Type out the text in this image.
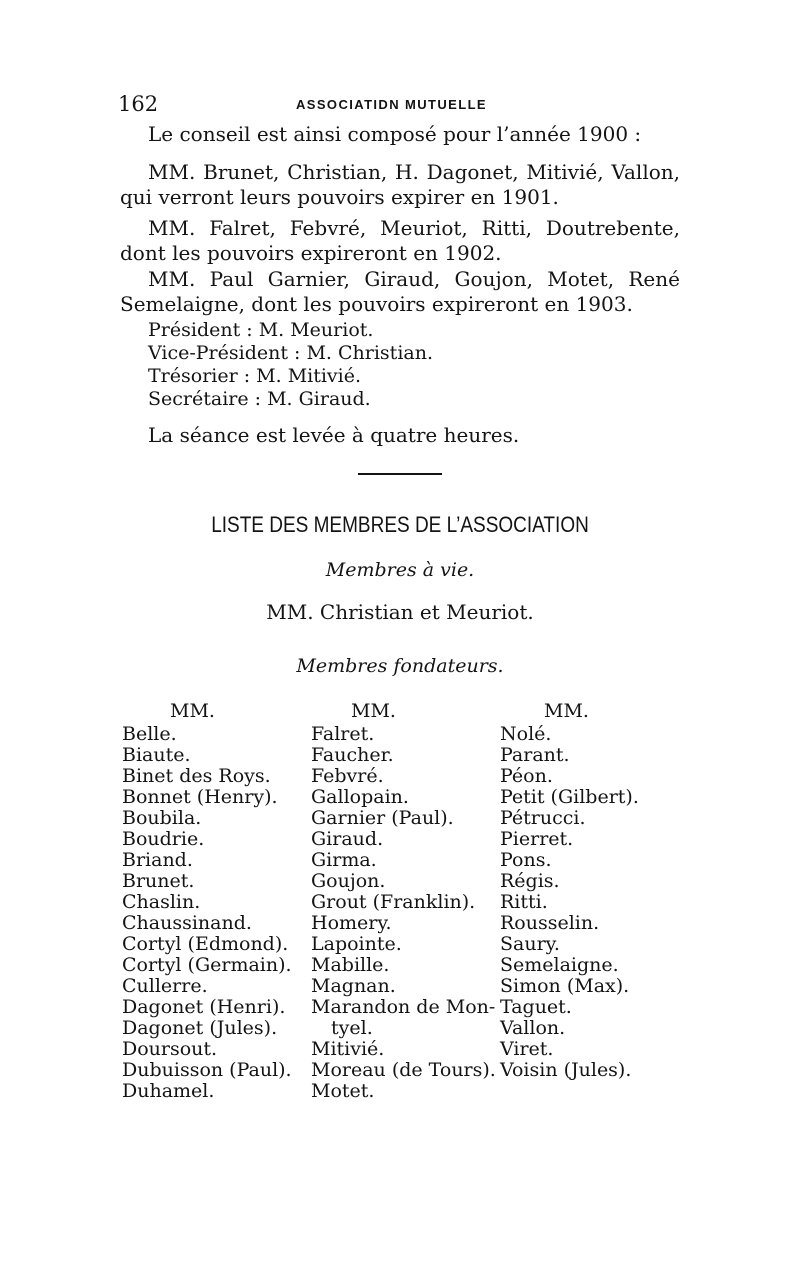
162	ASSOCIATIDN MUTUELLE

Le conseil est ainsi composé pour l’année 1900 :

MM. Brunet, Christian, H. Dagonet, Mitivié, Vallon, qui verront leurs pouvoirs expirer en 1901.

MM. Falret, Febvré, Meuriot, Ritti, Doutrebente, dont les pouvoirs expireront en 1902.

MM. Paul Garnier, Giraud, Goujon, Motet, René Semelaigne, dont les pouvoirs expireront en 1903.

Président : M. Meuriot.

Vice-Président : M. Christian.

Trésorier : M. Mitivié.

Secrétaire : M. Giraud.

La séance est levée à quatre heures.

LISTE DES MEMBRES DE L’ASSOCIATION
Membres à vie.
MM. Christian et Meuriot.
Membres fondateurs.
MM.
Belle.
Biaute.
Binet des Roys.
Bonnet (Henry).
Boubila.
Boudrie.
Briand.
Brunet.
Chaslin.
Chaussinand.
Cortyl (Edmond).
Cortyl (Germain).
Cullerre.
Dagonet (Henri).
Dagonet (Jules).
Doursout.
Dubuisson (Paul).
Duhamel.
MM.
Falret.
Faucher.
Febvré.
Gallopain.
Garnier (Paul).
Giraud.
Girma.
Goujon.
Grout (Franklin).
Homery.
Lapointe.
Mabille.
Magnan.
Marandon de Mon-
tyel.
Mitivié.
Moreau (de Tours).
Motet.
MM.
Nolé.
Parant.
Péon.
Petit (Gilbert).
Pétrucci.
Pierret.
Pons.
Régis.
Ritti.
Rousselin.
Saury.
Semelaigne.
Simon (Max).
Taguet.
Vallon.
Viret.
Voisin (Jules).
